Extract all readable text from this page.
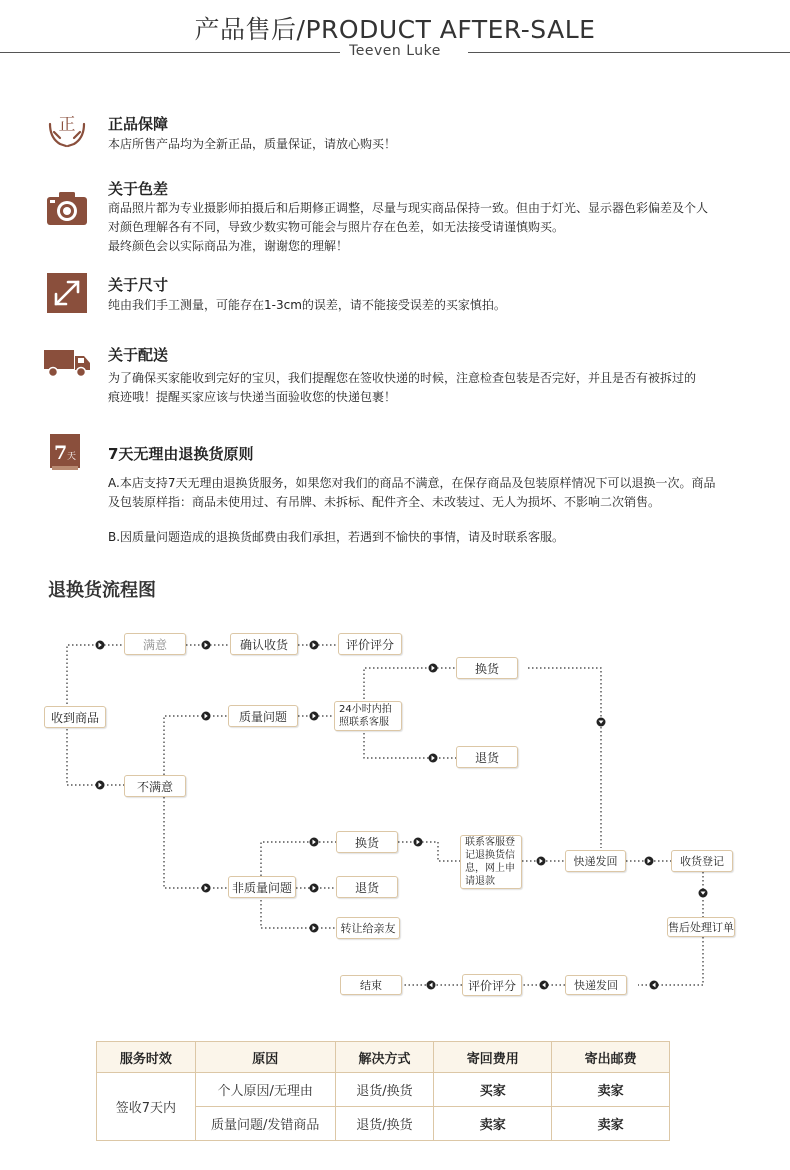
产品售后/PRODUCT AFTER-SALE
Teeven Luke
正 正品保障
本店所售产品均为全新正品，质量保证，请放心购买！
关于色差
商品照片都为专业摄影师拍摄后和后期修正调整，尽量与现实商品保持一致。但由于灯光、显示器色彩偏差及个人
对颜色理解各有不同，导致少数实物可能会与照片存在色差，如无法接受请谨慎购买。
最终颜色会以实际商品为准，谢谢您的理解！
关于尺寸
纯由我们手工测量，可能存在1-3cm的误差，请不能接受误差的买家慎拍。
关于配送
为了确保买家能收到完好的宝贝，我们提醒您在签收快递的时候，注意检查包装是否完好，并且是否有被拆过的
痕迹哦！提醒买家应该与快递当面验收您的快递包裹！
7 天 7天无理由退换货原则
A.本店支持7天无理由退换货服务，如果您对我们的商品不满意，在保存商品及包装原样情况下可以退换一次。商品
及包装原样指：商品未使用过、有吊牌、未拆标、配件齐全、未改装过、无人为损坏、不影响二次销售。
B.因质量问题造成的退换货邮费由我们承担，若遇到不愉快的事情，请及时联系客服。
退换货流程图
满意	确认收货	评价评分
收到商品	质量问题	24小时内拍
照联系客服
换货
退货
不满意
非质量问题
换货
退货
转让给亲友
联系客服登
记退换货信
息，网上申
请退款
快递发回	收货登记
售后处理订单
结束	评价评分	快递发回
服务时效	原因	解决方式	寄回费用	寄出邮费
签收7天内	个人原因/无理由	退货/换货	买家	卖家
	质量问题/发错商品	退货/换货	卖家	卖家
